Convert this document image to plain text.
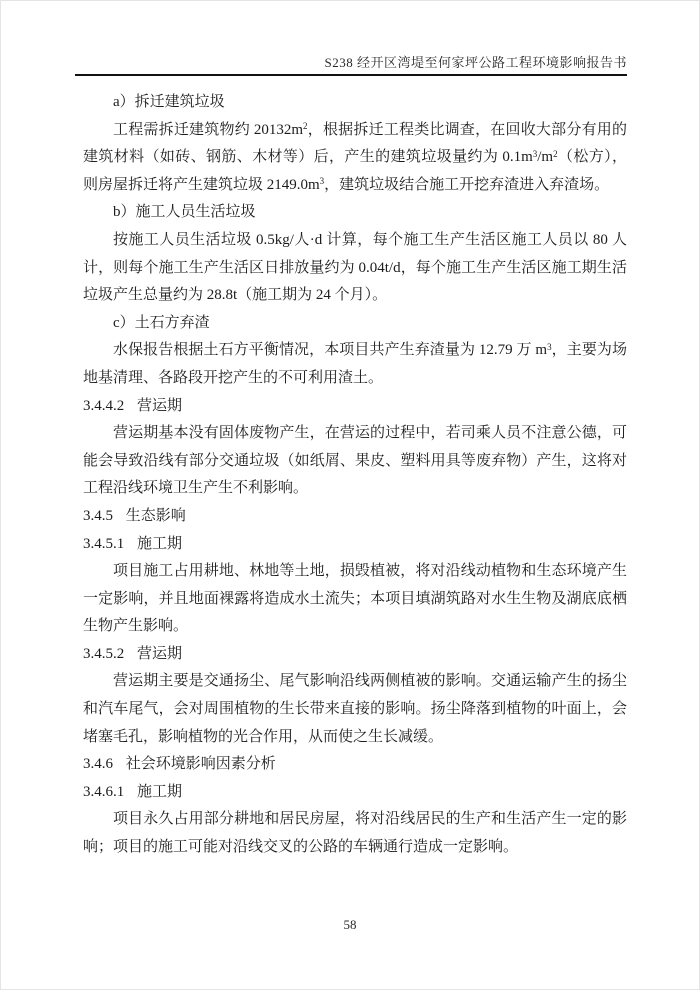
S238 经开区湾堤至何家坪公路工程环境影响报告书
a）拆迁建筑垃圾
工程需拆迁建筑物约 $20132m^2$，根据拆迁工程类比调查，在回收大部分有用的建筑材料（如砖、钢筋、木材等）后，产生的建筑垃圾量约为 $0.1m^3/m^2$（松方），则房屋拆迁将产生建筑垃圾 $2149.0m^3$，建筑垃圾结合施工开挖弃渣进入弃渣场。
b）施工人员生活垃圾
按施工人员生活垃圾 0.5kg/人·d 计算，每个施工生产生活区施工人员以 80 人计，则每个施工生产生活区日排放量约为 0.04t/d，每个施工生产生活区施工期生活垃圾产生总量约为 28.8t（施工期为 24 个月）。
c）土石方弃渣
水保报告根据土石方平衡情况，本项目共产生弃渣量为 12.79 万 $m^3$，主要为场地基清理、各路段开挖产生的不可利用渣土。
3.4.4.2 营运期
营运期基本没有固体废物产生，在营运的过程中，若司乘人员不注意公德，可能会导致沿线有部分交通垃圾（如纸屑、果皮、塑料用具等废弃物）产生，这将对工程沿线环境卫生产生不利影响。
3.4.5 生态影响
3.4.5.1 施工期
项目施工占用耕地、林地等土地，损毁植被，将对沿线动植物和生态环境产生一定影响，并且地面裸露将造成水土流失；本项目填湖筑路对水生生物及湖底底栖生物产生影响。
3.4.5.2 营运期
营运期主要是交通扬尘、尾气影响沿线两侧植被的影响。交通运输产生的扬尘和汽车尾气，会对周围植物的生长带来直接的影响。扬尘降落到植物的叶面上，会堵塞毛孔，影响植物的光合作用，从而使之生长减缓。
3.4.6 社会环境影响因素分析
3.4.6.1 施工期
项目永久占用部分耕地和居民房屋，将对沿线居民的生产和生活产生一定的影响；项目的施工可能对沿线交叉的公路的车辆通行造成一定影响。
58
